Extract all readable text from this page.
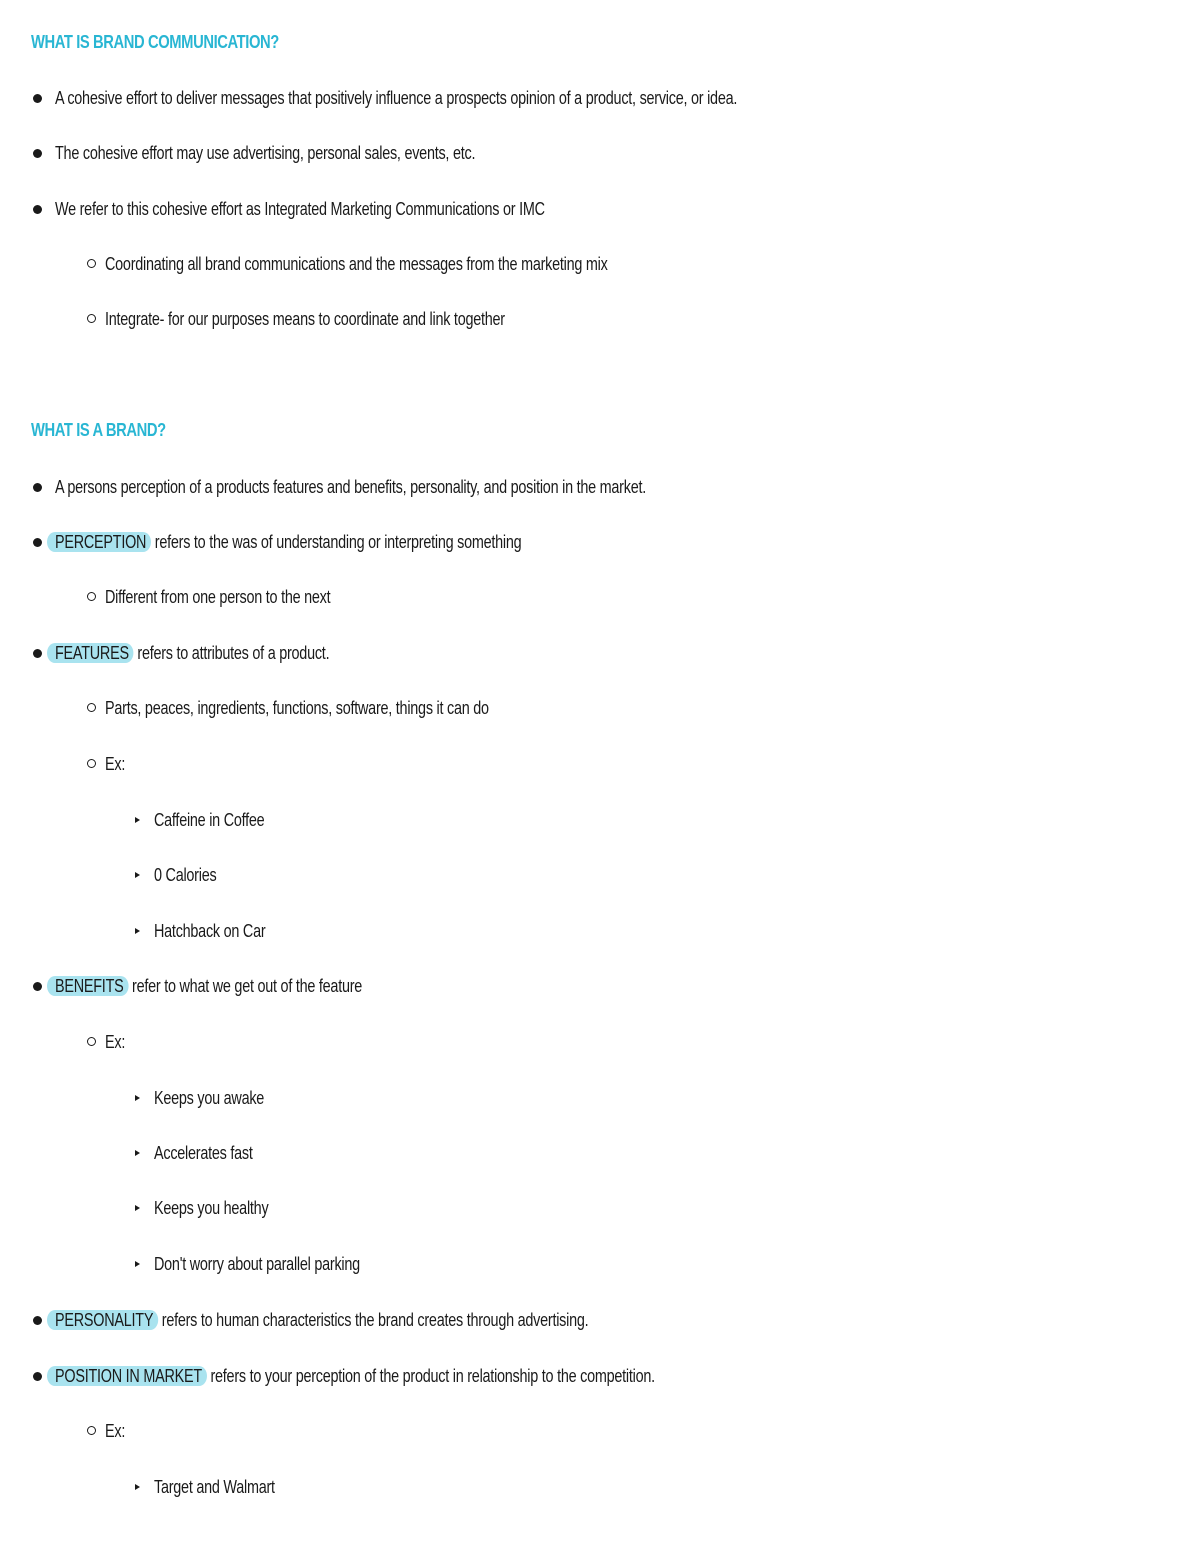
WHAT IS BRAND COMMUNICATION?
A cohesive effort to deliver messages that positively influence a prospects opinion of a product, service, or idea.
The cohesive effort may use advertising, personal sales, events, etc.
We refer to this cohesive effort as Integrated Marketing Communications or IMC
Coordinating all brand communications and the messages from the marketing mix
Integrate- for our purposes means to coordinate and link together
WHAT IS A BRAND?
A persons perception of a products features and benefits, personality, and position in the market.
PERCEPTION refers to the was of understanding or interpreting something
Different from one person to the next
FEATURES refers to attributes of a product.
Parts, peaces, ingredients, functions, software, things it can do
Ex:
Caffeine in Coffee
0 Calories
Hatchback on Car
BENEFITS refer to what we get out of the feature
Ex:
Keeps you awake
Accelerates fast
Keeps you healthy
Don't worry about parallel parking
PERSONALITY refers to human characteristics the brand creates through advertising.
POSITION IN MARKET refers to your perception of the product in relationship to the competition.
Ex:
Target and Walmart
